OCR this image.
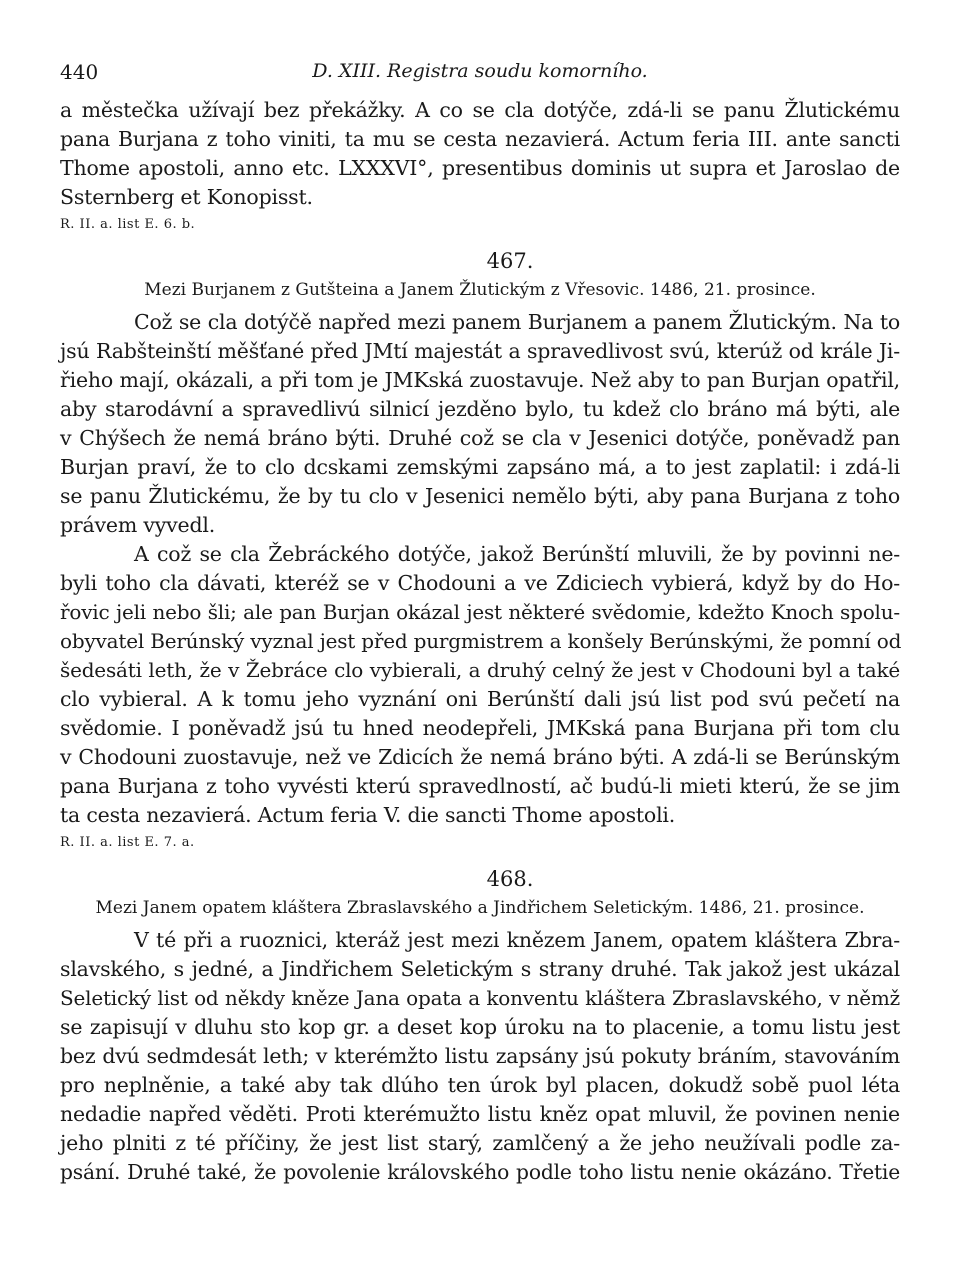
440	D. XIII. Registra soudu komorního.
a městečka užívají bez překážky. A co se cla dotýče, zdá-li se panu Žlutickému
pana Burjana z toho viniti, ta mu se cesta nezavierá. Actum feria III. ante sancti
Thome apostoli, anno etc. LXXXVI°, presentibus dominis ut supra et Jaroslao de
Ssternberg et Konopisst.
R. II. a. list E. 6. b.
467.
Mezi Burjanem z Gutšteina a Janem Žlutickým z Vřesovic. 1486, 21. prosince.
Což se cla dotýčě napřed mezi panem Burjanem a panem Žlutickým. Na to
jsú Rabšteinští měšťané před JMtí majestát a spravedlivost svú, kterúž od krále Ji-
řieho mají, okázali, a při tom je JMKská zuostavuje. Než aby to pan Burjan opatřil,
aby starodávní a spravedlivú silnicí jezděno bylo, tu kdež clo bráno má býti, ale
v Chýšech že nemá bráno býti. Druhé což se cla v Jesenici dotýče, poněvadž pan
Burjan praví, že to clo dcskami zemskými zapsáno má, a to jest zaplatil: i zdá-li
se panu Žlutickému, že by tu clo v Jesenici nemělo býti, aby pana Burjana z toho
právem vyvedl.
A což se cla Žebráckého dotýče, jakož Berúnští mluvili, že by povinni ne-
byli toho cla dávati, kteréž se v Chodouni a ve Zdiciech vybierá, když by do Ho-
řovic jeli nebo šli; ale pan Burjan okázal jest některé svědomie, kdežto Knoch spolu-
obyvatel Berúnský vyznal jest před purgmistrem a konšely Berúnskými, že pomní od
šedesáti leth, že v Žebráce clo vybierali, a druhý celný že jest v Chodouni byl a také
clo vybieral. A k tomu jeho vyznání oni Berúnští dali jsú list pod svú pečetí na
svědomie. I poněvadž jsú tu hned neodepřeli, JMKská pana Burjana při tom clu
v Chodouni zuostavuje, než ve Zdicích že nemá bráno býti. A zdá-li se Berúnským
pana Burjana z toho vyvésti kterú spravedlností, ač budú-li mieti kterú, že se jim
ta cesta nezavierá. Actum feria V. die sancti Thome apostoli.
R. II. a. list E. 7. a.
468.
Mezi Janem opatem kláštera Zbraslavského a Jindřichem Seletickým. 1486, 21. prosince.
V té při a ruoznici, kteráž jest mezi knězem Janem, opatem kláštera Zbra-
slavského, s jedné, a Jindřichem Seletickým s strany druhé. Tak jakož jest ukázal
Seletický list od někdy kněze Jana opata a konventu kláštera Zbraslavského, v němž
se zapisují v dluhu sto kop gr. a deset kop úroku na to placenie, a tomu listu jest
bez dvú sedmdesát leth; v kterémžto listu zapsány jsú pokuty bráním, stavováním
pro neplněnie, a také aby tak dlúho ten úrok byl placen, dokudž sobě puol léta
nedadie napřed věděti. Proti kterémužto listu kněz opat mluvil, že povinen nenie
jeho plniti z té příčiny, že jest list starý, zamlčený a že jeho neužívali podle za-
psání. Druhé také, že povolenie královského podle toho listu nenie okázáno. Třetie
